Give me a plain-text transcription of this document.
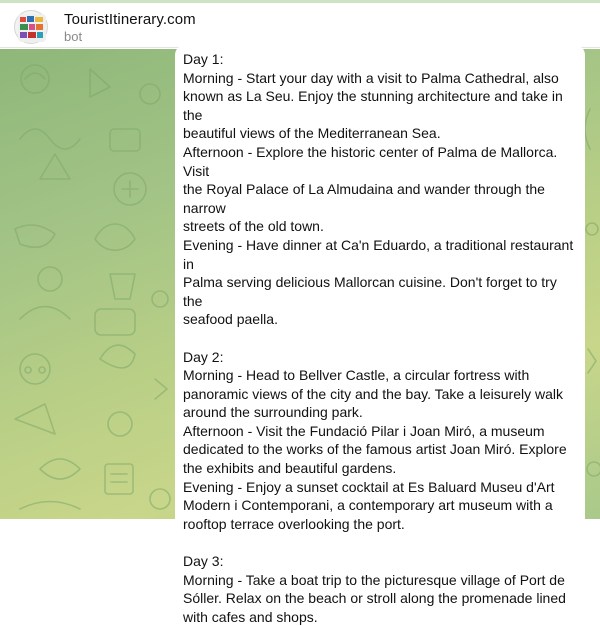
TouristItinerary.com
bot
Day 1:
Morning - Start your day with a visit to Palma Cathedral, also
known as La Seu. Enjoy the stunning architecture and take in the
beautiful views of the Mediterranean Sea.
Afternoon - Explore the historic center of Palma de Mallorca. Visit
the Royal Palace of La Almudaina and wander through the narrow
streets of the old town.
Evening - Have dinner at Ca'n Eduardo, a traditional restaurant in
Palma serving delicious Mallorcan cuisine. Don't forget to try the
seafood paella.
Day 2:
Morning - Head to Bellver Castle, a circular fortress with
panoramic views of the city and the bay. Take a leisurely walk
around the surrounding park.
Afternoon - Visit the Fundació Pilar i Joan Miró, a museum
dedicated to the works of the famous artist Joan Miró. Explore
the exhibits and beautiful gardens.
Evening - Enjoy a sunset cocktail at Es Baluard Museu d'Art
Modern i Contemporani, a contemporary art museum with a
rooftop terrace overlooking the port.
Day 3:
Morning - Take a boat trip to the picturesque village of Port de
Sóller. Relax on the beach or stroll along the promenade lined
with cafes and shops.
